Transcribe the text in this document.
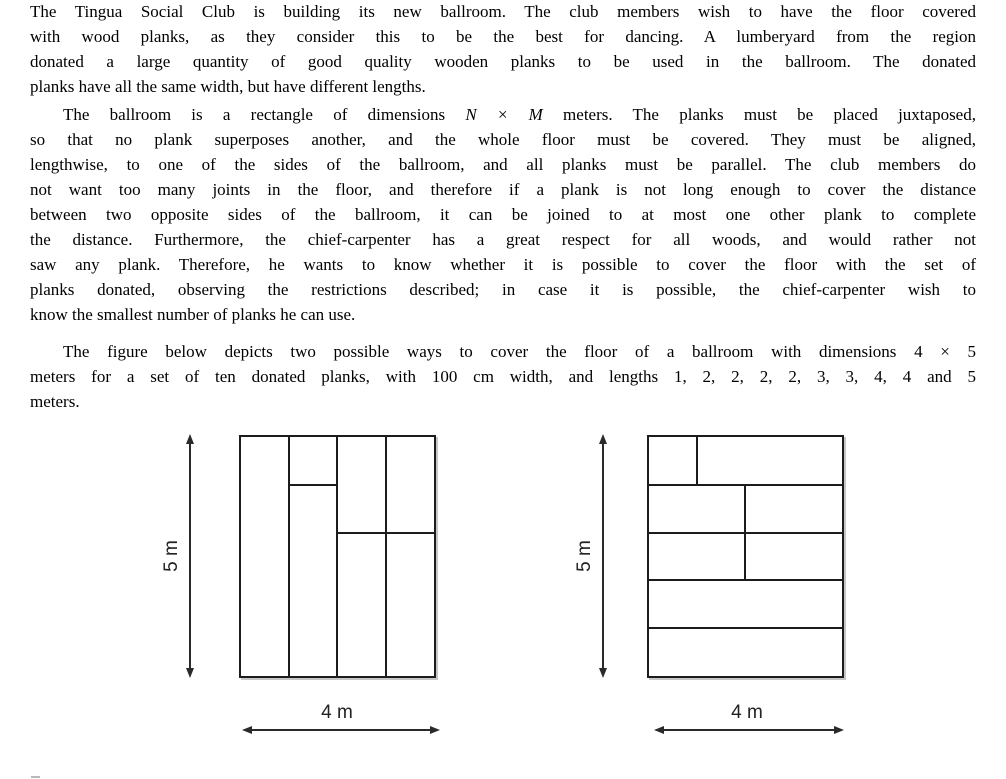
The Tingua Social Club is building its new ballroom. The club members wish to have the floor covered
with wood planks, as they consider this to be the best for dancing. A lumberyard from the region
donated a large quantity of good quality wooden planks to be used in the ballroom. The donated
planks have all the same width, but have different lengths.
The ballroom is a rectangle of dimensions N × M meters. The planks must be placed juxtaposed,
so that no plank superposes another, and the whole floor must be covered. They must be aligned,
lengthwise, to one of the sides of the ballroom, and all planks must be parallel. The club members do
not want too many joints in the floor, and therefore if a plank is not long enough to cover the distance
between two opposite sides of the ballroom, it can be joined to at most one other plank to complete
the distance. Furthermore, the chief-carpenter has a great respect for all woods, and would rather not
saw any plank. Therefore, he wants to know whether it is possible to cover the floor with the set of
planks donated, observing the restrictions described; in case it is possible, the chief-carpenter wish to
know the smallest number of planks he can use.
The figure below depicts two possible ways to cover the floor of a ballroom with dimensions 4 × 5
meters for a set of ten donated planks, with 100 cm width, and lengths 1, 2, 2, 2, 2, 3, 3, 4, 4 and 5
meters.
5 m
4 m
5 m
4 m
